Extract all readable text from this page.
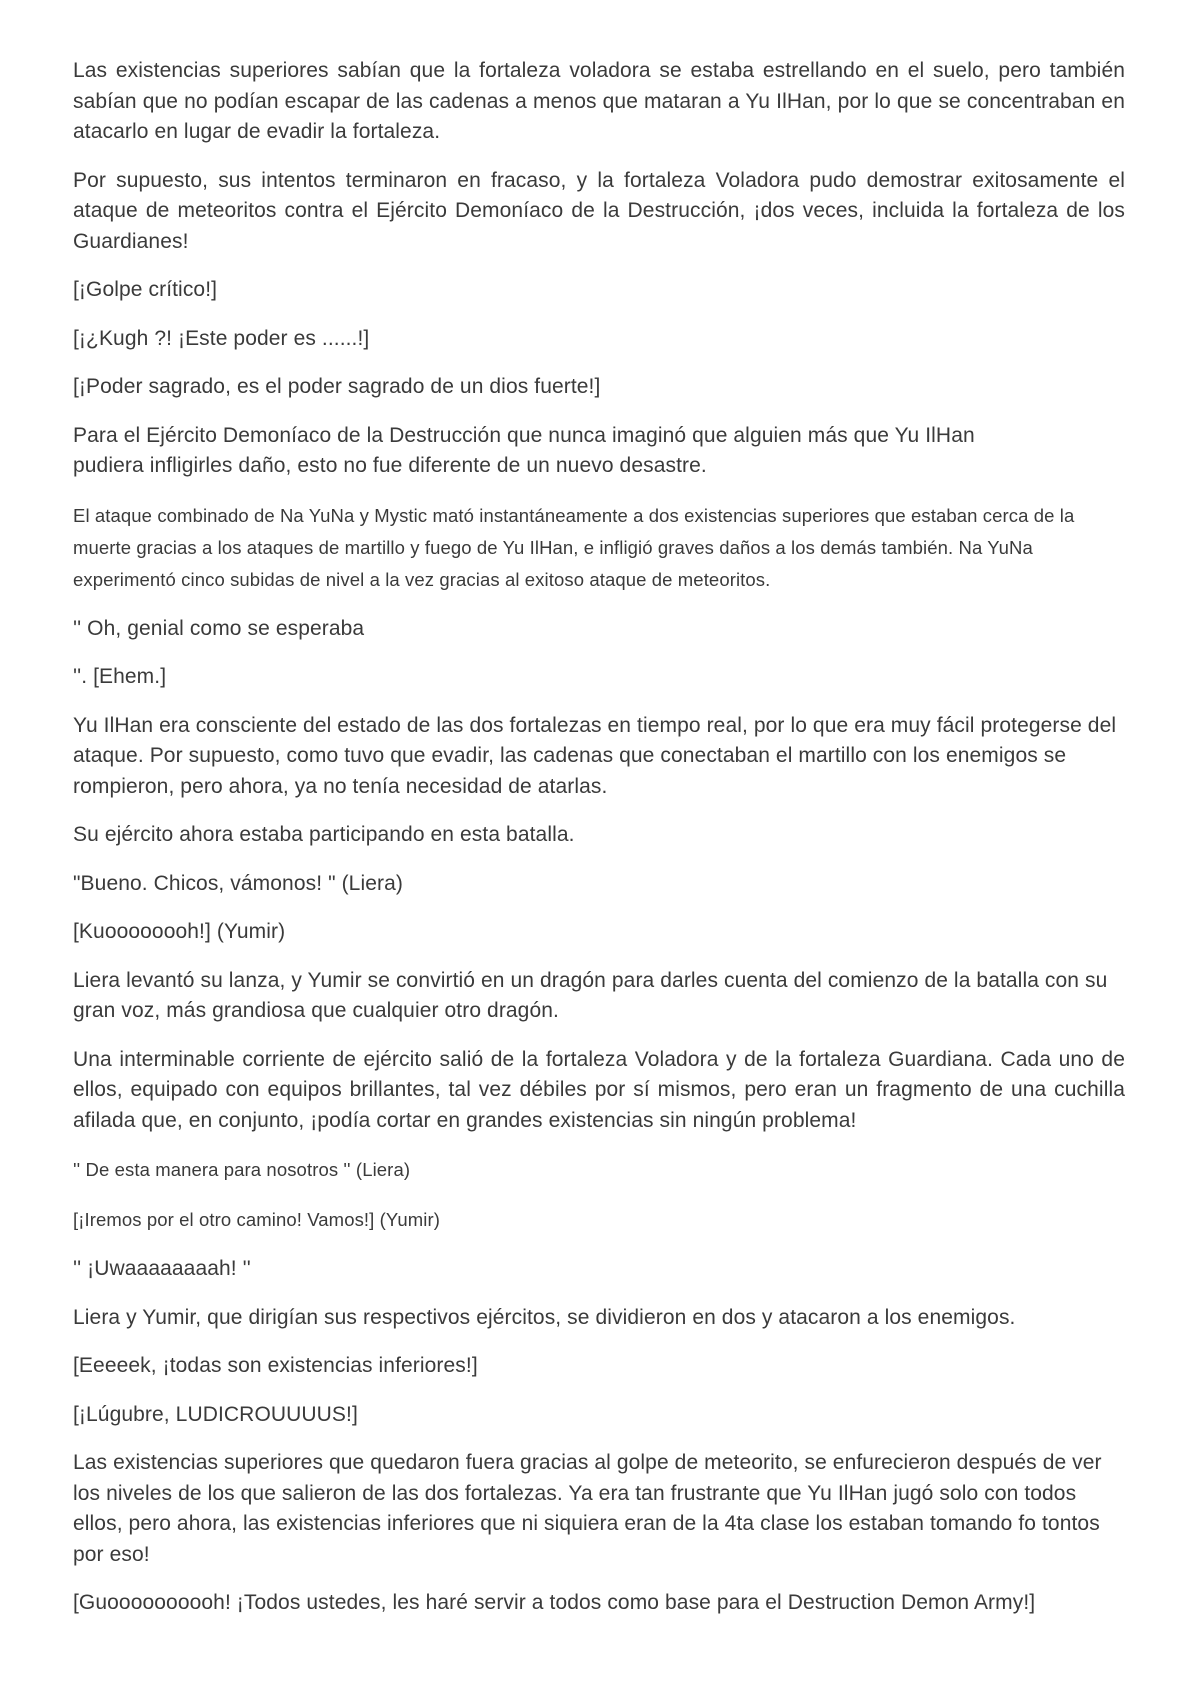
Las existencias superiores sabían que la fortaleza voladora se estaba estrellando en el suelo, pero también sabían que no podían escapar de las cadenas a menos que mataran a Yu IlHan, por lo que se concentraban en atacarlo en lugar de evadir la fortaleza.

Por supuesto, sus intentos terminaron en fracaso, y la fortaleza Voladora pudo demostrar exitosamente el ataque de meteoritos contra el Ejército Demoníaco de la Destrucción, ¡dos veces, incluida la fortaleza de los Guardianes!

[¡Golpe crítico!]

[¡¿Kugh ?! ¡Este poder es ......!]

[¡Poder sagrado, es el poder sagrado de un dios fuerte!]

Para el Ejército Demoníaco de la Destrucción que nunca imaginó que alguien más que Yu IlHan pudiera infligirles daño, esto no fue diferente de un nuevo desastre.

El ataque combinado de Na YuNa y Mystic mató instantáneamente a dos existencias superiores que estaban cerca de la muerte gracias a los ataques de martillo y fuego de Yu IlHan, e infligió graves daños a los demás también. Na YuNa experimentó cinco subidas de nivel a la vez gracias al exitoso ataque de meteoritos.

'' Oh, genial como se esperaba

''. [Ehem.]

Yu IlHan era consciente del estado de las dos fortalezas en tiempo real, por lo que era muy fácil protegerse del ataque. Por supuesto, como tuvo que evadir, las cadenas que conectaban el martillo con los enemigos se rompieron, pero ahora, ya no tenía necesidad de atarlas.

Su ejército ahora estaba participando en esta batalla.

"Bueno. Chicos, vámonos! " (Liera)

[Kuoooooooh!] (Yumir)

Liera levantó su lanza, y Yumir se convirtió en un dragón para darles cuenta del comienzo de la batalla con su gran voz, más grandiosa que cualquier otro dragón.

Una interminable corriente de ejército salió de la fortaleza Voladora y de la fortaleza Guardiana. Cada uno de ellos, equipado con equipos brillantes, tal vez débiles por sí mismos, pero eran un fragmento de una cuchilla afilada que, en conjunto, ¡podía cortar en grandes existencias sin ningún problema!

'' De esta manera para nosotros '' (Liera)

[¡Iremos por el otro camino! Vamos!] (Yumir)

'' ¡Uwaaaaaaaah! ''

Liera y Yumir, que dirigían sus respectivos ejércitos, se dividieron en dos y atacaron a los enemigos.

[Eeeeek, ¡todas son existencias inferiores!]

[¡Lúgubre, LUDICROUUUUS!]

Las existencias superiores que quedaron fuera gracias al golpe de meteorito, se enfurecieron después de ver los niveles de los que salieron de las dos fortalezas. Ya era tan frustrante que Yu IlHan jugó solo con todos ellos, pero ahora, las existencias inferiores que ni siquiera eran de la 4ta clase los estaban tomando fo tontos por eso!

[Guoooooooooh! ¡Todos ustedes, les haré servir a todos como base para el Destruction Demon Army!]
